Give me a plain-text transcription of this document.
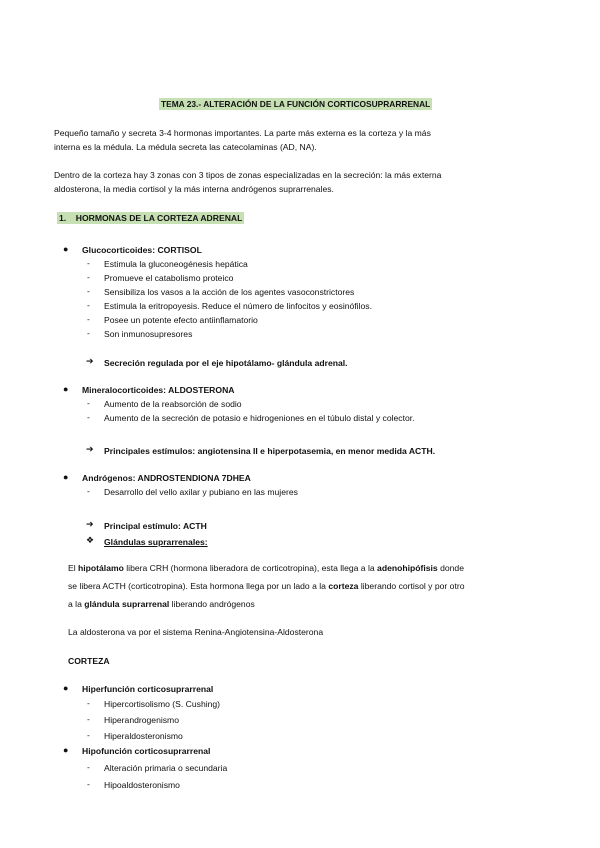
TEMA 23.- ALTERACIÓN DE LA FUNCIÓN CORTICOSUPRARRENAL
Pequeño tamaño y secreta 3-4 hormonas importantes. La parte más externa es la corteza y la más
interna es la médula. La médula secreta las catecolaminas (AD, NA).
Dentro de la corteza hay 3 zonas con 3 tipos de zonas especializadas en la secreción: la más externa
aldosterona, la media cortisol y la más interna andrógenos suprarrenales.
1. HORMONAS DE LA CORTEZA ADRENAL
● Glucocorticoides: CORTISOL
- Estimula la gluconeogénesis hepática
- Promueve el catabolismo proteico
- Sensibiliza los vasos a la acción de los agentes vasoconstrictores
- Estimula la eritropoyesis. Reduce el número de linfocitos y eosinófilos.
- Posee un potente efecto antiinflamatorio
- Son inmunosupresores
➔ Secreción regulada por el eje hipotálamo- glándula adrenal.
● Mineralocorticoides: ALDOSTERONA
- Aumento de la reabsorción de sodio
- Aumento de la secreción de potasio e hidrogeniones en el túbulo distal y colector.
➔ Principales estímulos: angiotensina II e hiperpotasemia, en menor medida ACTH.
● Andrógenos: ANDROSTENDIONA 7DHEA
- Desarrollo del vello axilar y pubiano en las mujeres
➔ Principal estímulo: ACTH
❖ Glándulas suprarrenales:
El hipotálamo libera CRH (hormona liberadora de corticotropina), esta llega a la adenohipófisis donde
se libera ACTH (corticotropina). Esta hormona llega por un lado a la corteza liberando cortisol y por otro
a la glándula suprarrenal liberando andrógenos
La aldosterona va por el sistema Renina-Angiotensina-Aldosterona
CORTEZA
● Hiperfunción corticosuprarrenal
- Hipercortisolismo (S. Cushing)
- Hiperandrogenismo
- Hiperaldosteronismo
● Hipofunción corticosuprarrenal
- Alteración primaria o secundaria
- Hipoaldosteronismo
